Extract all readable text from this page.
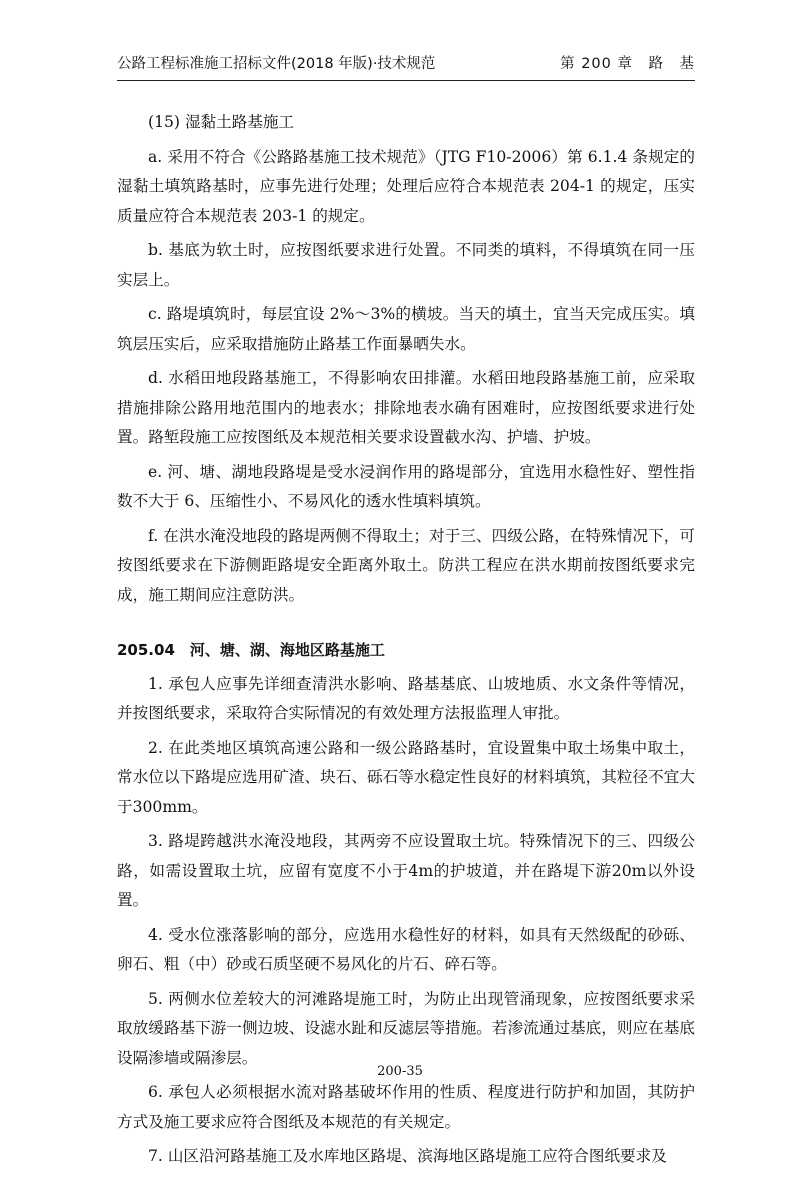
公路工程标准施工招标文件(2018 年版)·技术规范	第 200 章　路　基

(15) 湿黏土路基施工

a. 采用不符合《公路路基施工技术规范》（JTG F10-2006）第 6.1.4 条规定的湿黏土填筑路基时，应事先进行处理；处理后应符合本规范表 204-1 的规定，压实质量应符合本规范表 203-1 的规定。

b. 基底为软土时，应按图纸要求进行处置。不同类的填料，不得填筑在同一压实层上。

c. 路堤填筑时，每层宜设 2%～3%的横坡。当天的填土，宜当天完成压实。填筑层压实后，应采取措施防止路基工作面暴晒失水。

d. 水稻田地段路基施工，不得影响农田排灌。水稻田地段路基施工前，应采取措施排除公路用地范围内的地表水；排除地表水确有困难时，应按图纸要求进行处置。路堑段施工应按图纸及本规范相关要求设置截水沟、护墙、护坡。

e. 河、塘、湖地段路堤是受水浸润作用的路堤部分，宜选用水稳性好、塑性指数不大于 6、压缩性小、不易风化的透水性填料填筑。

f. 在洪水淹没地段的路堤两侧不得取土；对于三、四级公路，在特殊情况下，可按图纸要求在下游侧距路堤安全距离外取土。防洪工程应在洪水期前按图纸要求完成，施工期间应注意防洪。

205.04　河、塘、湖、海地区路基施工

1. 承包人应事先详细查清洪水影响、路基基底、山坡地质、水文条件等情况，并按图纸要求，采取符合实际情况的有效处理方法报监理人审批。

2. 在此类地区填筑高速公路和一级公路路基时，宜设置集中取土场集中取土，常水位以下路堤应选用矿渣、块石、砾石等水稳定性良好的材料填筑，其粒径不宜大于300mm。

3. 路堤跨越洪水淹没地段，其两旁不应设置取土坑。特殊情况下的三、四级公路，如需设置取土坑，应留有宽度不小于4m的护坡道，并在路堤下游20m以外设置。

4. 受水位涨落影响的部分，应选用水稳性好的材料，如具有天然级配的砂砾、卵石、粗（中）砂或石质坚硬不易风化的片石、碎石等。

5. 两侧水位差较大的河滩路堤施工时，为防止出现管涌现象，应按图纸要求采取放缓路基下游一侧边坡、设滤水趾和反滤层等措施。若渗流通过基底，则应在基底设隔渗墙或隔渗层。

6. 承包人必须根据水流对路基破坏作用的性质、程度进行防护和加固，其防护方式及施工要求应符合图纸及本规范的有关规定。

7. 山区沿河路基施工及水库地区路堤、滨海地区路堤施工应符合图纸要求及

200-35
